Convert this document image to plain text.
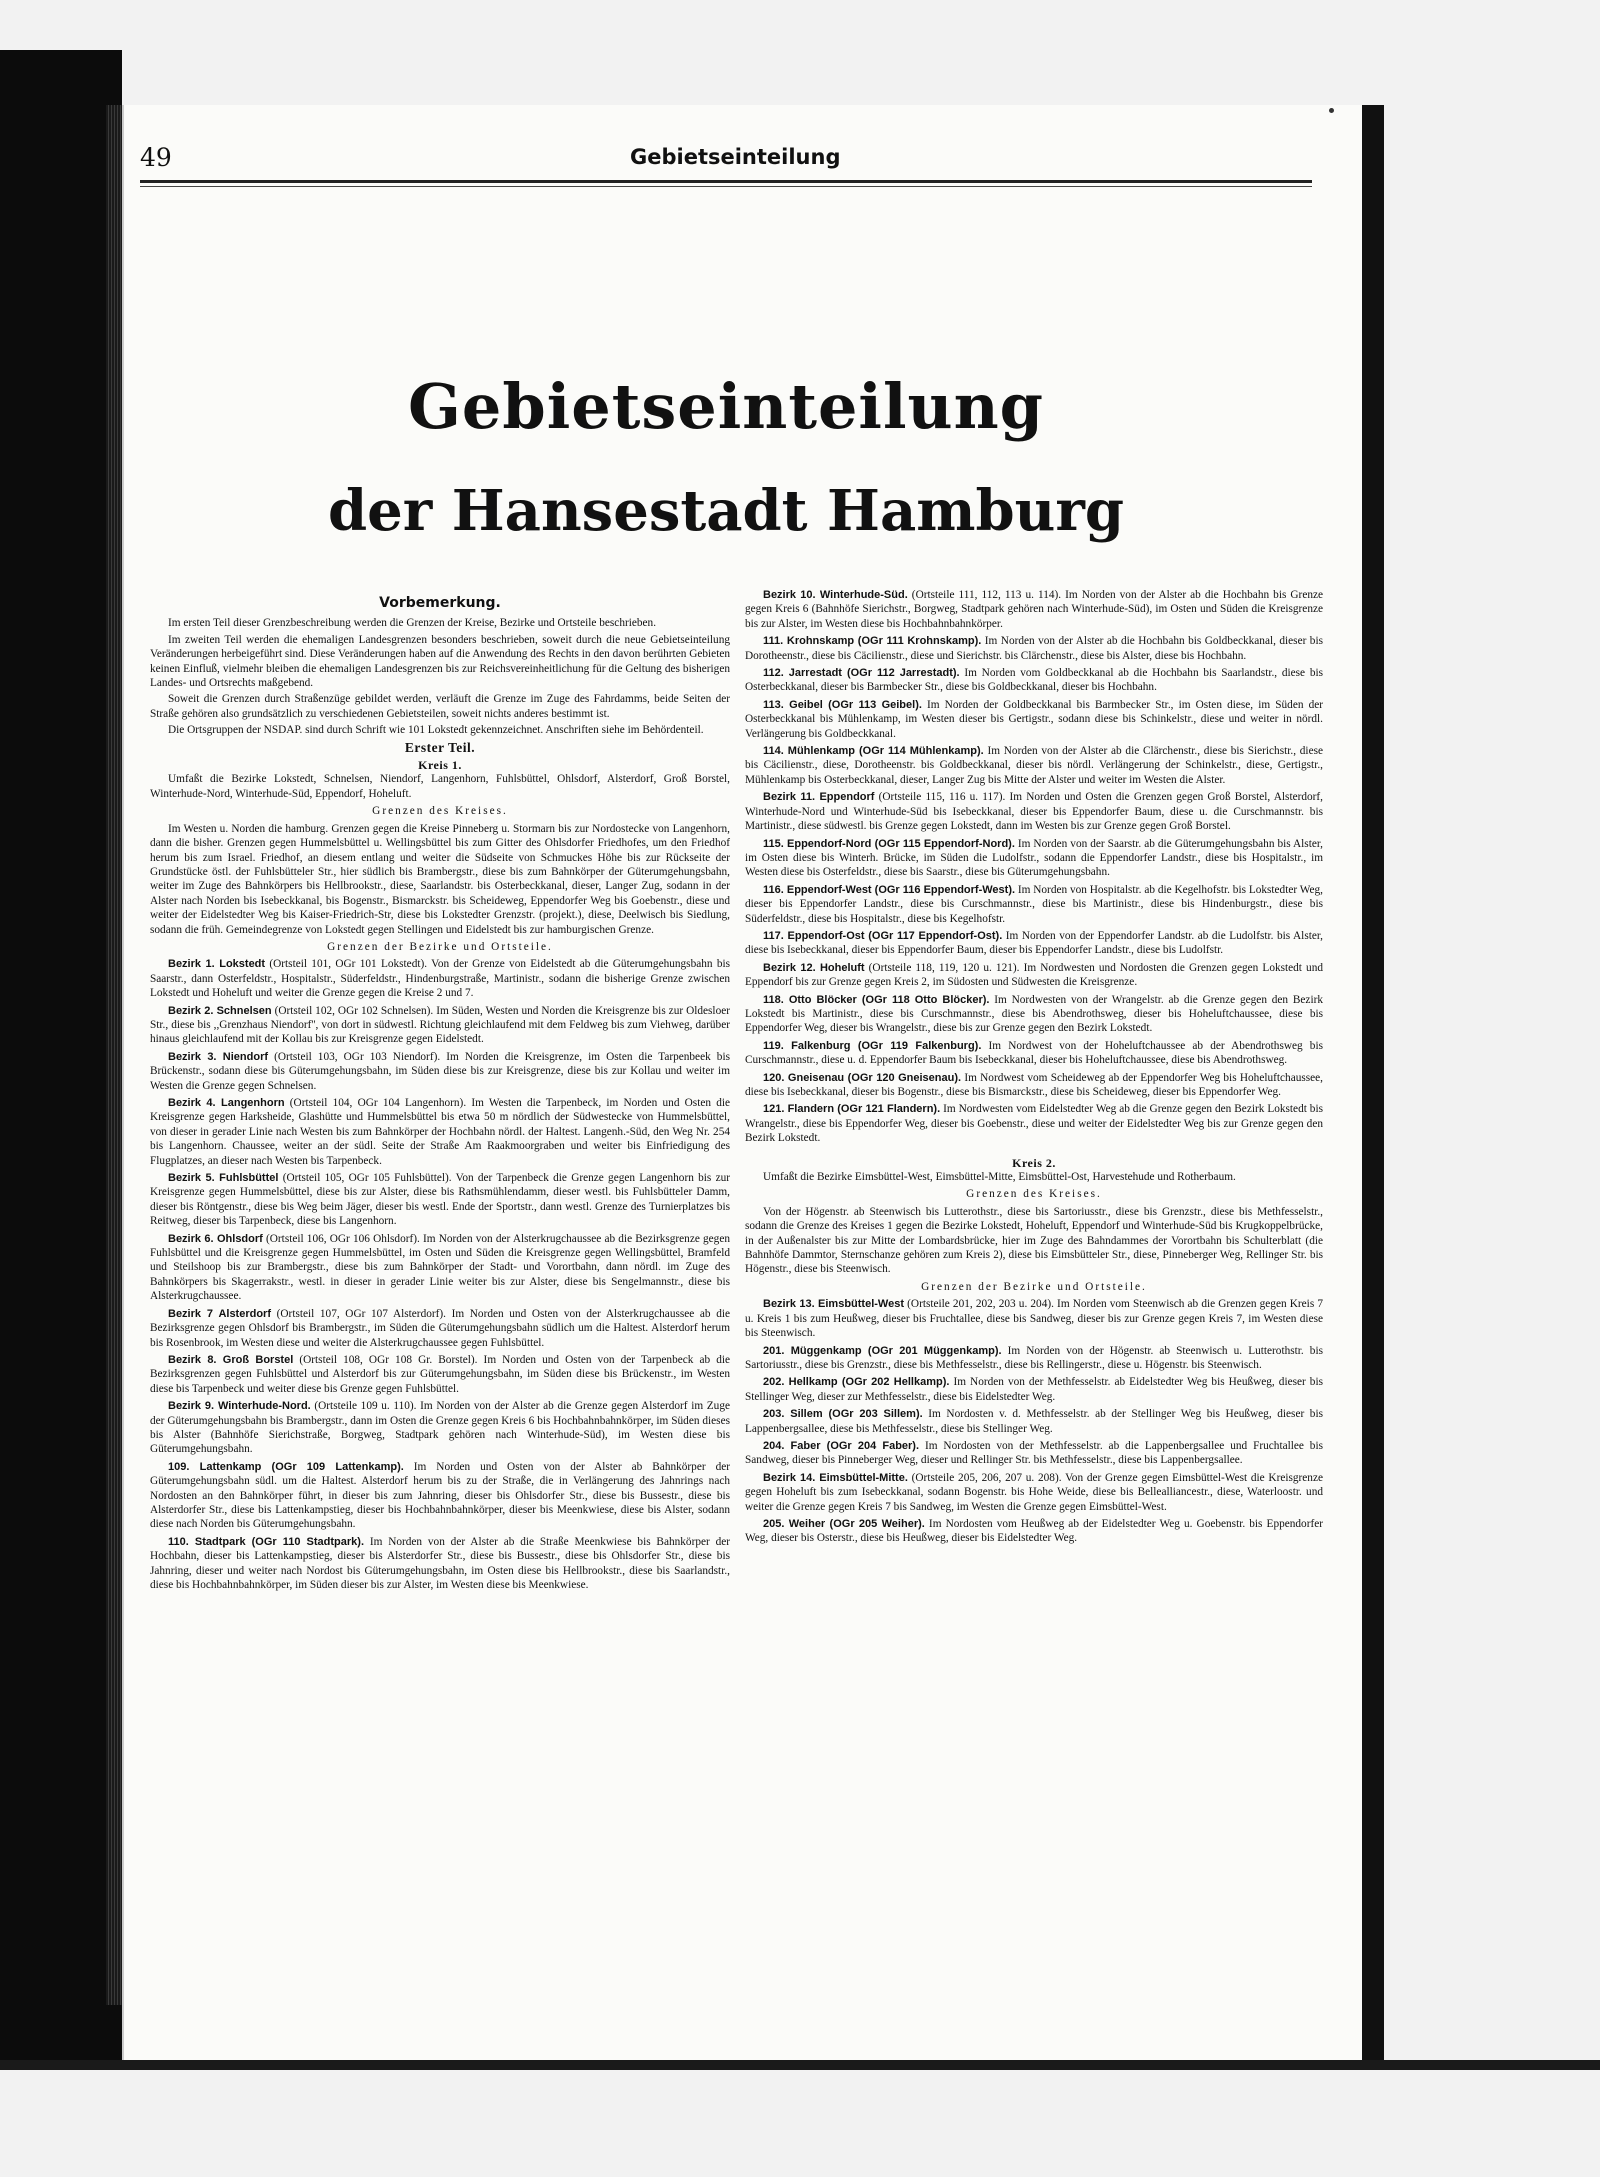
49	Gebietseinteilung
Gebietseinteilung
der Hansestadt Hamburg
Vorbemerkung.

Im ersten Teil dieser Grenzbeschreibung werden die Grenzen der Kreise, Bezirke und Ortsteile beschrieben.

Im zweiten Teil werden die ehemaligen Landesgrenzen besonders beschrieben, soweit durch die neue Gebietseinteilung Veränderungen herbeigeführt sind. Diese Veränderungen haben auf die Anwendung des Rechts in den davon berührten Gebieten keinen Einfluß, vielmehr bleiben die ehemaligen Landesgrenzen bis zur Reichsvereinheitlichung für die Geltung des bisherigen Landes- und Ortsrechts maßgebend.

Soweit die Grenzen durch Straßenzüge gebildet werden, verläuft die Grenze im Zuge des Fahrdamms, beide Seiten der Straße gehören also grundsätzlich zu verschiedenen Gebietsteilen, soweit nichts anderes bestimmt ist.

Die Ortsgruppen der NSDAP. sind durch Schrift wie 101 Lokstedt gekennzeichnet. Anschriften siehe im Behördenteil.

Erster Teil.
Kreis 1.

Umfaßt die Bezirke Lokstedt, Schnelsen, Niendorf, Langenhorn, Fuhlsbüttel, Ohlsdorf, Alsterdorf, Groß Borstel, Winterhude-Nord, Winterhude-Süd, Eppendorf, Hoheluft.

Grenzen des Kreises.

Im Westen u. Norden die hamburg. Grenzen gegen die Kreise Pinneberg u. Stormarn bis zur Nordostecke von Langenhorn, dann die bisher. Grenzen gegen Hummelsbüttel u. Wellingsbüttel bis zum Gitter des Ohlsdorfer Friedhofes, um den Friedhof herum bis zum Israel. Friedhof, an diesem entlang und weiter die Südseite von Schmuckes Höhe bis zur Rückseite der Grundstücke östl. der Fuhlsbütteler Str., hier südlich bis Brambergstr., diese bis zum Bahnkörper der Güterumgehungsbahn, weiter im Zuge des Bahnkörpers bis Hellbrookstr., diese, Saarlandstr. bis Osterbeckkanal, dieser, Langer Zug, sodann in der Alster nach Norden bis Isebeckkanal, bis Bogenstr., Bismarckstr. bis Scheideweg, Eppendorfer Weg bis Goebenstr., diese und weiter der Eidelstedter Weg bis Kaiser-Friedrich-Str, diese bis Lokstedter Grenzstr. (projekt.), diese, Deelwisch bis Siedlung, sodann die früh. Gemeindegrenze von Lokstedt gegen Stellingen und Eidelstedt bis zur hamburgischen Grenze.

Grenzen der Bezirke und Ortsteile.

Bezirk 1. Lokstedt (Ortsteil 101, OGr 101 Lokstedt). Von der Grenze von Eidelstedt ab die Güterumgehungsbahn bis Saarstr., dann Osterfeldstr., Hospitalstr., Süderfeldstr., Hindenburgstraße, Martinistr., sodann die bisherige Grenze zwischen Lokstedt und Hoheluft und weiter die Grenze gegen die Kreise 2 und 7.

Bezirk 2. Schnelsen (Ortsteil 102, OGr 102 Schnelsen). Im Süden, Westen und Norden die Kreisgrenze bis zur Oldesloer Str., diese bis ,,Grenzhaus Niendorf'', von dort in südwestl. Richtung gleichlaufend mit dem Feldweg bis zum Viehweg, darüber hinaus gleichlaufend mit der Kollau bis zur Kreisgrenze gegen Eidelstedt.

Bezirk 3. Niendorf (Ortsteil 103, OGr 103 Niendorf). Im Norden die Kreisgrenze, im Osten die Tarpenbeek bis Brückenstr., sodann diese bis Güterumgehungsbahn, im Süden diese bis zur Kreisgrenze, diese bis zur Kollau und weiter im Westen die Grenze gegen Schnelsen.

Bezirk 4. Langenhorn (Ortsteil 104, OGr 104 Langenhorn). Im Westen die Tarpenbeck, im Norden und Osten die Kreisgrenze gegen Harksheide, Glashütte und Hummelsbüttel bis etwa 50 m nördlich der Südwestecke von Hummelsbüttel, von dieser in gerader Linie nach Westen bis zum Bahnkörper der Hochbahn nördl. der Haltest. Langenh.-Süd, den Weg Nr. 254 bis Langenhorn. Chaussee, weiter an der südl. Seite der Straße Am Raakmoorgraben und weiter bis Einfriedigung des Flugplatzes, an dieser nach Westen bis Tarpenbeck.

Bezirk 5. Fuhlsbüttel (Ortsteil 105, OGr 105 Fuhlsbüttel). Von der Tarpenbeck die Grenze gegen Langenhorn bis zur Kreisgrenze gegen Hummelsbüttel, diese bis zur Alster, diese bis Rathsmühlendamm, dieser westl. bis Fuhlsbütteler Damm, dieser bis Röntgenstr., diese bis Weg beim Jäger, dieser bis westl. Ende der Sportstr., dann westl. Grenze des Turnierplatzes bis Reitweg, dieser bis Tarpenbeck, diese bis Langenhorn.

Bezirk 6. Ohlsdorf (Ortsteil 106, OGr 106 Ohlsdorf). Im Norden von der Alsterkrugchaussee ab die Bezirksgrenze gegen Fuhlsbüttel und die Kreisgrenze gegen Hummelsbüttel, im Osten und Süden die Kreisgrenze gegen Wellingsbüttel, Bramfeld und Steilshoop bis zur Brambergstr., diese bis zum Bahnkörper der Stadt- und Vorortbahn, dann nördl. im Zuge des Bahnkörpers bis Skagerrakstr., westl. in dieser in gerader Linie weiter bis zur Alster, diese bis Sengelmannstr., diese bis Alsterkrugchaussee.

Bezirk 7 Alsterdorf (Ortsteil 107, OGr 107 Alsterdorf). Im Norden und Osten von der Alsterkrugchaussee ab die Bezirksgrenze gegen Ohlsdorf bis Brambergstr., im Süden die Güterumgehungsbahn südlich um die Haltest. Alsterdorf herum bis Rosenbrook, im Westen diese und weiter die Alsterkrugchaussee gegen Fuhlsbüttel.

Bezirk 8. Groß Borstel (Ortsteil 108, OGr 108 Gr. Borstel). Im Norden und Osten von der Tarpenbeck ab die Bezirksgrenzen gegen Fuhlsbüttel und Alsterdorf bis zur Güterumgehungsbahn, im Süden diese bis Brückenstr., im Westen diese bis Tarpenbeck und weiter diese bis Grenze gegen Fuhlsbüttel.

Bezirk 9. Winterhude-Nord. (Ortsteile 109 u. 110). Im Norden von der Alster ab die Grenze gegen Alsterdorf im Zuge der Güterumgehungsbahn bis Brambergstr., dann im Osten die Grenze gegen Kreis 6 bis Hochbahnbahnkörper, im Süden dieses bis Alster (Bahnhöfe Sierichstraße, Borgweg, Stadtpark gehören nach Winterhude-Süd), im Westen diese bis Güterumgehungsbahn.

109. Lattenkamp (OGr 109 Lattenkamp). Im Norden und Osten von der Alster ab Bahnkörper der Güterumgehungsbahn südl. um die Haltest. Alsterdorf herum bis zu der Straße, die in Verlängerung des Jahnrings nach Nordosten an den Bahnkörper führt, in dieser bis zum Jahnring, dieser bis Ohlsdorfer Str., diese bis Bussestr., diese bis Alsterdorfer Str., diese bis Lattenkampstieg, dieser bis Hochbahnbahnkörper, dieser bis Meenkwiese, diese bis Alster, sodann diese nach Norden bis Güterumgehungsbahn.

110. Stadtpark (OGr 110 Stadtpark). Im Norden von der Alster ab die Straße Meenkwiese bis Bahnkörper der Hochbahn, dieser bis Lattenkampstieg, dieser bis Alsterdorfer Str., diese bis Bussestr., diese bis Ohlsdorfer Str., diese bis Jahnring, dieser und weiter nach Nordost bis Güterumgehungsbahn, im Osten diese bis Hellbrookstr., diese bis Saarlandstr., diese bis Hochbahnbahnkörper, im Süden dieser bis zur Alster, im Westen diese bis Meenkwiese.

Bezirk 10. Winterhude-Süd. (Ortsteile 111, 112, 113 u. 114). Im Norden von der Alster ab die Hochbahn bis Grenze gegen Kreis 6 (Bahnhöfe Sierichstr., Borgweg, Stadtpark gehören nach Winterhude-Süd), im Osten und Süden die Kreisgrenze bis zur Alster, im Westen diese bis Hochbahnbahnkörper.

111. Krohnskamp (OGr 111 Krohnskamp). Im Norden von der Alster ab die Hochbahn bis Goldbeckkanal, dieser bis Dorotheenstr., diese bis Cäcilienstr., diese und Sierichstr. bis Clärchenstr., diese bis Alster, diese bis Hochbahn.

112. Jarrestadt (OGr 112 Jarrestadt). Im Norden vom Goldbeckkanal ab die Hochbahn bis Saarlandstr., diese bis Osterbeckkanal, dieser bis Barmbecker Str., diese bis Goldbeckkanal, dieser bis Hochbahn.

113. Geibel (OGr 113 Geibel). Im Norden der Goldbeckkanal bis Barmbecker Str., im Osten diese, im Süden der Osterbeckkanal bis Mühlenkamp, im Westen dieser bis Gertigstr., sodann diese bis Schinkelstr., diese und weiter in nördl. Verlängerung bis Goldbeckkanal.

114. Mühlenkamp (OGr 114 Mühlenkamp). Im Norden von der Alster ab die Clärchenstr., diese bis Sierichstr., diese bis Cäcilienstr., diese, Dorotheenstr. bis Goldbeckkanal, dieser bis nördl. Verlängerung der Schinkelstr., diese, Gertigstr., Mühlenkamp bis Osterbeckkanal, dieser, Langer Zug bis Mitte der Alster und weiter im Westen die Alster.

Bezirk 11. Eppendorf (Ortsteile 115, 116 u. 117). Im Norden und Osten die Grenzen gegen Groß Borstel, Alsterdorf, Winterhude-Nord und Winterhude-Süd bis Isebeckkanal, dieser bis Eppendorfer Baum, diese u. die Curschmannstr. bis Martinistr., diese südwestl. bis Grenze gegen Lokstedt, dann im Westen bis zur Grenze gegen Groß Borstel.

115. Eppendorf-Nord (OGr 115 Eppendorf-Nord). Im Norden von der Saarstr. ab die Güterumgehungsbahn bis Alster, im Osten diese bis Winterh. Brücke, im Süden die Ludolfstr., sodann die Eppendorfer Landstr., diese bis Hospitalstr., im Westen diese bis Osterfeldstr., diese bis Saarstr., diese bis Güterumgehungsbahn.

116. Eppendorf-West (OGr 116 Eppendorf-West). Im Norden von Hospitalstr. ab die Kegelhofstr. bis Lokstedter Weg, dieser bis Eppendorfer Landstr., diese bis Curschmannstr., diese bis Martinistr., diese bis Hindenburgstr., diese bis Süderfeldstr., diese bis Hospitalstr., diese bis Kegelhofstr.

117. Eppendorf-Ost (OGr 117 Eppendorf-Ost). Im Norden von der Eppendorfer Landstr. ab die Ludolfstr. bis Alster, diese bis Isebeckkanal, dieser bis Eppendorfer Baum, dieser bis Eppendorfer Landstr., diese bis Ludolfstr.

Bezirk 12. Hoheluft (Ortsteile 118, 119, 120 u. 121). Im Nordwesten und Nordosten die Grenzen gegen Lokstedt und Eppendorf bis zur Grenze gegen Kreis 2, im Südosten und Südwesten die Kreisgrenze.

118. Otto Blöcker (OGr 118 Otto Blöcker). Im Nordwesten von der Wrangelstr. ab die Grenze gegen den Bezirk Lokstedt bis Martinistr., diese bis Curschmannstr., diese bis Abendrothsweg, dieser bis Hoheluftchaussee, diese bis Eppendorfer Weg, dieser bis Wrangelstr., diese bis zur Grenze gegen den Bezirk Lokstedt.

119. Falkenburg (OGr 119 Falkenburg). Im Nordwest von der Hoheluftchaussee ab der Abendrothsweg bis Curschmannstr., diese u. d. Eppendorfer Baum bis Isebeckkanal, dieser bis Hoheluftchaussee, diese bis Abendrothsweg.

120. Gneisenau (OGr 120 Gneisenau). Im Nordwest vom Scheideweg ab der Eppendorfer Weg bis Hoheluftchaussee, diese bis Isebeckkanal, dieser bis Bogenstr., diese bis Bismarckstr., diese bis Scheideweg, dieser bis Eppendorfer Weg.

121. Flandern (OGr 121 Flandern). Im Nordwesten vom Eidelstedter Weg ab die Grenze gegen den Bezirk Lokstedt bis Wrangelstr., diese bis Eppendorfer Weg, dieser bis Goebenstr., diese und weiter der Eidelstedter Weg bis zur Grenze gegen den Bezirk Lokstedt.

Kreis 2.

Umfaßt die Bezirke Eimsbüttel-West, Eimsbüttel-Mitte, Eimsbüttel-Ost, Harvestehude und Rotherbaum.

Grenzen des Kreises.

Von der Högenstr. ab Steenwisch bis Lutterothstr., diese bis Sartoriusstr., diese bis Grenzstr., diese bis Methfesselstr., sodann die Grenze des Kreises 1 gegen die Bezirke Lokstedt, Hoheluft, Eppendorf und Winterhude-Süd bis Krugkoppelbrücke, in der Außenalster bis zur Mitte der Lombardsbrücke, hier im Zuge des Bahndammes der Vorortbahn bis Schulterblatt (die Bahnhöfe Dammtor, Sternschanze gehören zum Kreis 2), diese bis Eimsbütteler Str., diese, Pinneberger Weg, Rellinger Str. bis Högenstr., diese bis Steenwisch.

Grenzen der Bezirke und Ortsteile.

Bezirk 13. Eimsbüttel-West (Ortsteile 201, 202, 203 u. 204). Im Norden vom Steenwisch ab die Grenzen gegen Kreis 7 u. Kreis 1 bis zum Heußweg, dieser bis Fruchtallee, diese bis Sandweg, dieser bis zur Grenze gegen Kreis 7, im Westen diese bis Steenwisch.

201. Müggenkamp (OGr 201 Müggenkamp). Im Norden von der Högenstr. ab Steenwisch u. Lutterothstr. bis Sartoriusstr., diese bis Grenzstr., diese bis Methfesselstr., diese bis Rellingerstr., diese u. Högenstr. bis Steenwisch.

202. Hellkamp (OGr 202 Hellkamp). Im Norden von der Methfesselstr. ab Eidelstedter Weg bis Heußweg, dieser bis Stellinger Weg, dieser zur Methfesselstr., diese bis Eidelstedter Weg.

203. Sillem (OGr 203 Sillem). Im Nordosten v. d. Methfesselstr. ab der Stellinger Weg bis Heußweg, dieser bis Lappenbergsallee, diese bis Methfesselstr., diese bis Stellinger Weg.

204. Faber (OGr 204 Faber). Im Nordosten von der Methfesselstr. ab die Lappenbergsallee und Fruchtallee bis Sandweg, dieser bis Pinneberger Weg, dieser und Rellinger Str. bis Methfesselstr., diese bis Lappenbergsallee.

Bezirk 14. Eimsbüttel-Mitte. (Ortsteile 205, 206, 207 u. 208). Von der Grenze gegen Eimsbüttel-West die Kreisgrenze gegen Hoheluft bis zum Isebeckkanal, sodann Bogenstr. bis Hohe Weide, diese bis Bellealliancestr., diese, Waterloostr. und weiter die Grenze gegen Kreis 7 bis Sandweg, im Westen die Grenze gegen Eimsbüttel-West.

205. Weiher (OGr 205 Weiher). Im Nordosten vom Heußweg ab der Eidelstedter Weg u. Goebenstr. bis Eppendorfer Weg, dieser bis Osterstr., diese bis Heußweg, dieser bis Eidelstedter Weg.
